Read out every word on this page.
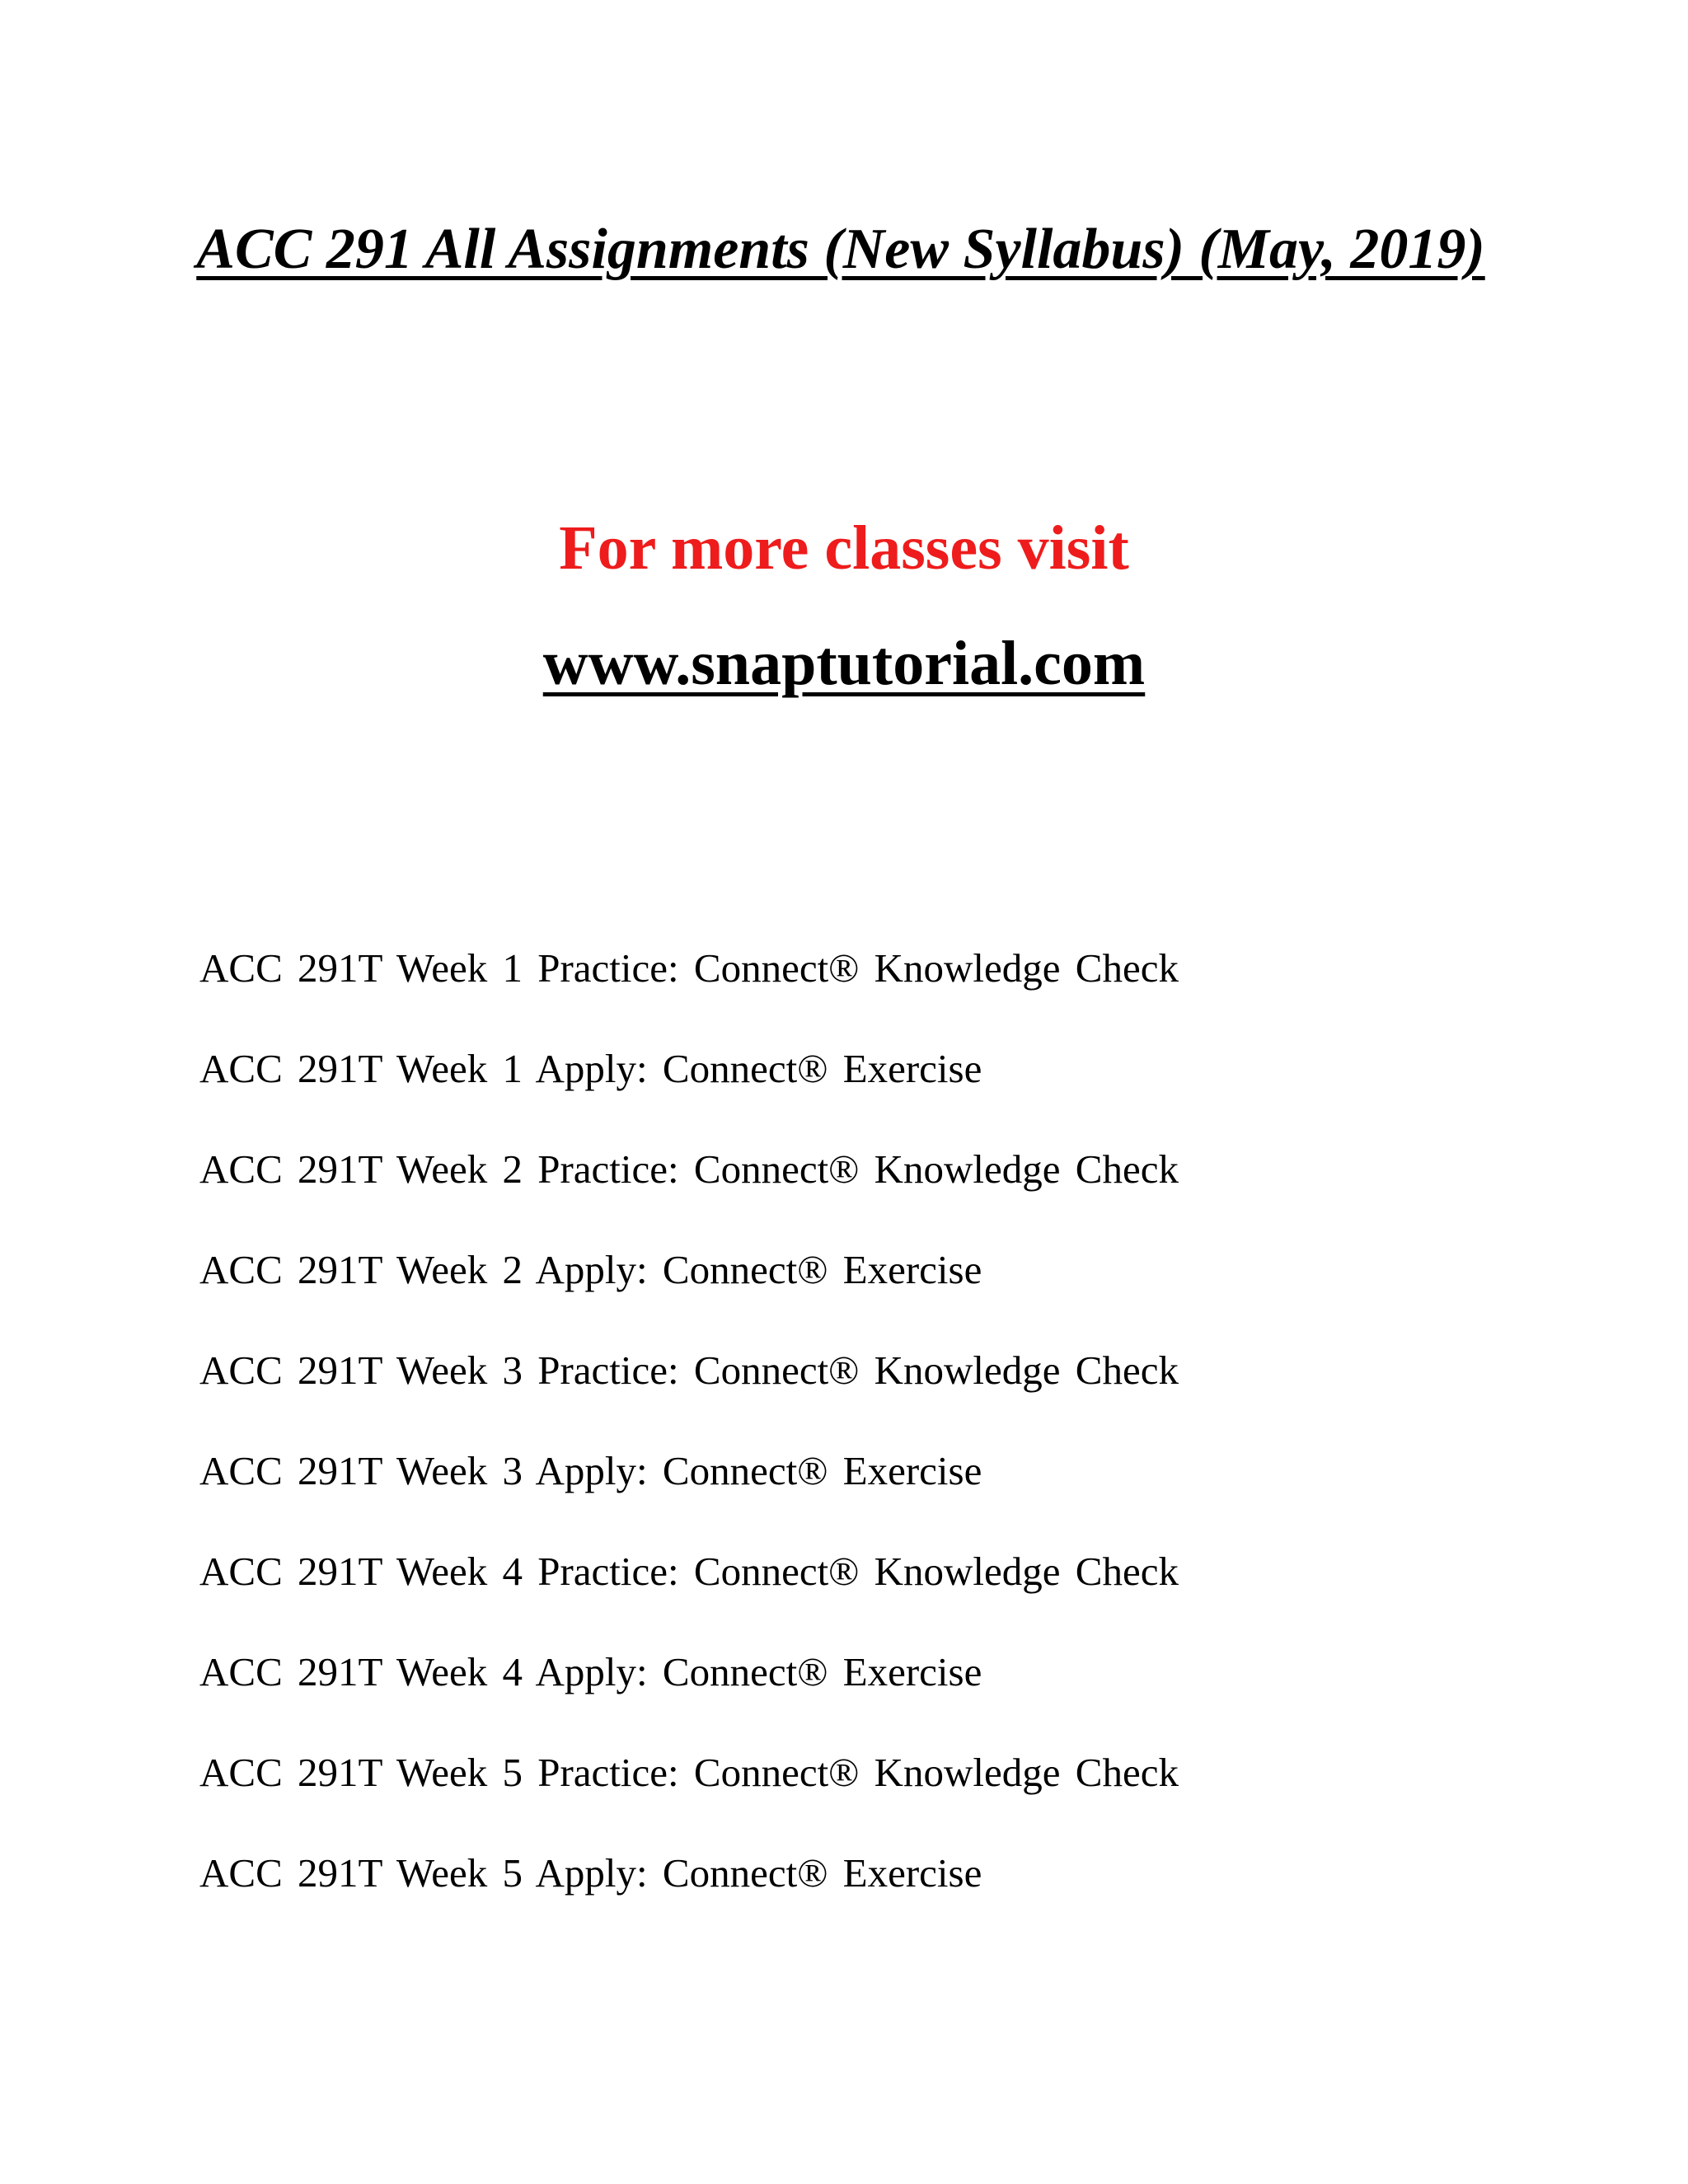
ACC 291 All Assignments (New Syllabus) (May, 2019)

For more classes visit

www.snaptutorial.com

ACC 291T Week 1 Practice: Connect® Knowledge Check
ACC 291T Week 1 Apply: Connect® Exercise
ACC 291T Week 2 Practice: Connect® Knowledge Check
ACC 291T Week 2 Apply: Connect® Exercise
ACC 291T Week 3 Practice: Connect® Knowledge Check
ACC 291T Week 3 Apply: Connect® Exercise
ACC 291T Week 4 Practice: Connect® Knowledge Check
ACC 291T Week 4 Apply: Connect® Exercise
ACC 291T Week 5 Practice: Connect® Knowledge Check
ACC 291T Week 5 Apply: Connect® Exercise
